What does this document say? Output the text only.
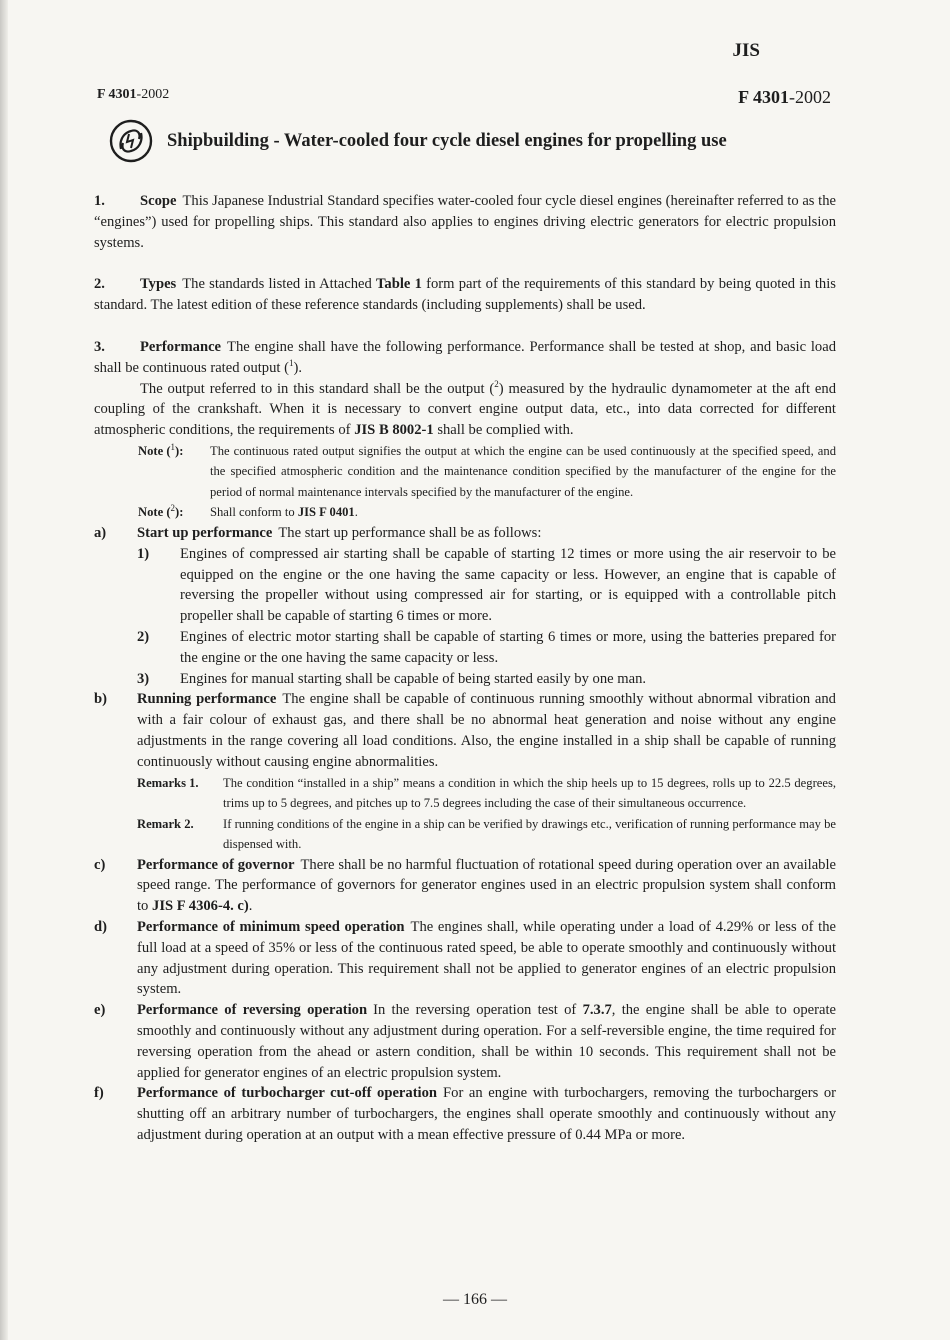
JIS
F 4301-2002	F 4301-2002
Shipbuilding - Water-cooled four cycle diesel engines for propelling use

1. Scope This Japanese Industrial Standard specifies water-cooled four cycle diesel engines (hereinafter referred to as the “engines”) used for propelling ships. This standard also applies to engines driving electric generators for electric propulsion systems.

2. Types The standards listed in Attached Table 1 form part of the requirements of this standard by being quoted in this standard. The latest edition of these reference standards (including supplements) shall be used.

3. Performance The engine shall have the following performance. Performance shall be tested at shop, and basic load shall be continuous rated output ($^1$).

The output referred to in this standard shall be the output ($^2$) measured by the hydraulic dynamometer at the aft end coupling of the crankshaft. When it is necessary to convert engine output data, etc., into data corrected for different atmospheric conditions, the requirements of JIS B 8002-1 shall be complied with.

Note ($^1$):	The continuous rated output signifies the output at which the engine can be used continuously at the specified speed, and the specified atmospheric condition and the maintenance condition specified by the manufacturer of the engine for the period of normal maintenance intervals specified by the manufacturer of the engine.
Note ($^2$):	Shall conform to JIS F 0401.
a)	Start up performance The start up performance shall be as follows:

1)	Engines of compressed air starting shall be capable of starting 12 times or more using the air reservoir to be equipped on the engine or the one having the same capacity or less. However, an engine that is capable of reversing the propeller without using compressed air for starting, or is equipped with a controllable pitch propeller shall be capable of starting 6 times or more.
2)	Engines of electric motor starting shall be capable of starting 6 times or more, using the batteries prepared for the engine or the one having the same capacity or less.
3)	Engines for manual starting shall be capable of being started easily by one man.
b)	Running performance The engine shall be capable of continuous running smoothly without abnormal vibration and with a fair colour of exhaust gas, and there shall be no abnormal heat generation and noise without any engine adjustments in the range covering all load conditions. Also, the engine installed in a ship shall be capable of running continuously without causing engine abnormalities.

Remarks 1.	The condition “installed in a ship” means a condition in which the ship heels up to 15 degrees, rolls up to 22.5 degrees, trims up to 5 degrees, and pitches up to 7.5 degrees including the case of their simultaneous occurrence.
Remark 2.	If running conditions of the engine in a ship can be verified by drawings etc., verification of running performance may be dispensed with.
c)	Performance of governor There shall be no harmful fluctuation of rotational speed during operation over an available speed range. The performance of governors for generator engines used in an electric propulsion system shall conform to JIS F 4306-4. c).

d)	Performance of minimum speed operation The engines shall, while operating under a load of 4.29% or less of the full load at a speed of 35% or less of the continuous rated speed, be able to operate smoothly and continuously without any adjustment during operation. This requirement shall not be applied to generator engines of an electric propulsion system.

e)	Performance of reversing operation In the reversing operation test of 7.3.7, the engine shall be able to operate smoothly and continuously without any adjustment during operation. For a self-reversible engine, the time required for reversing operation from the ahead or astern condition, shall be within 10 seconds. This requirement shall not be applied for generator engines of an electric propulsion system.

f)	Performance of turbocharger cut-off operation For an engine with turbochargers, removing the turbochargers or shutting off an arbitrary number of turbochargers, the engines shall operate smoothly and continuously without any adjustment during operation at an output with a mean effective pressure of 0.44 MPa or more.

— 166 —
